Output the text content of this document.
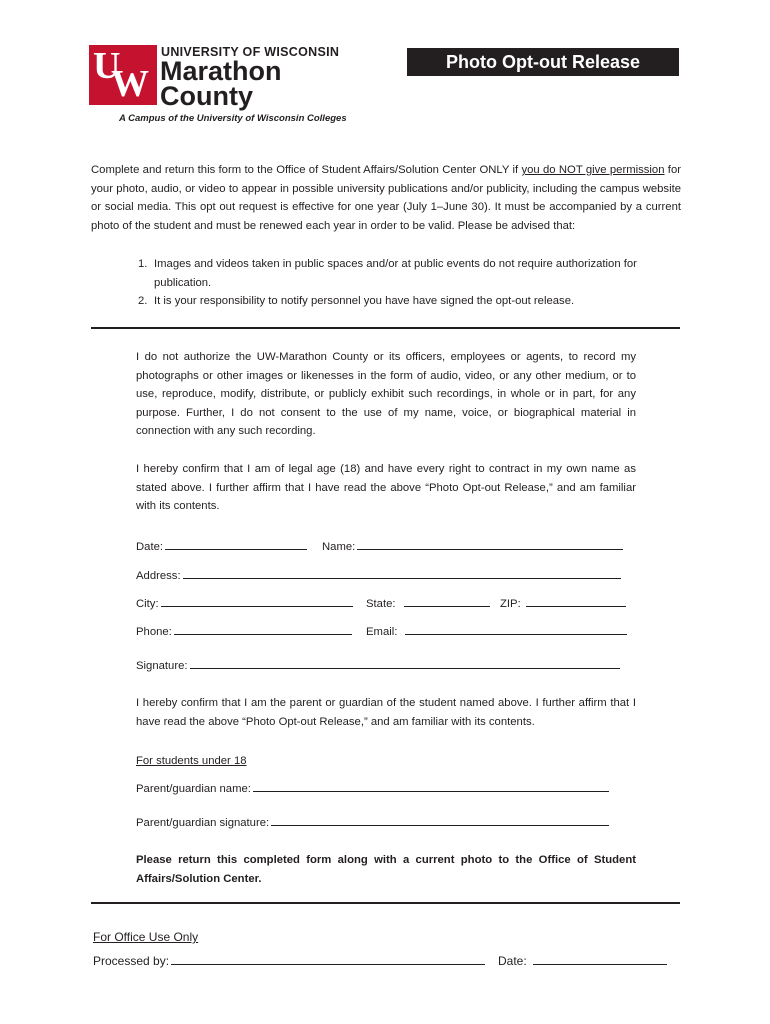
U
W
UNIVERSITY OF WISCONSIN
Marathon
County
A Campus of the University of Wisconsin Colleges
Photo Opt-out Release

Complete and return this form to the Office of Student Affairs/Solution Center ONLY if you do NOT give permission for your photo, audio, or video to appear in possible university publications and/or publicity, including the campus website or social media. This opt out request is effective for one year (July 1–June 30). It must be accompanied by a current photo of the student and must be renewed each year in order to be valid. Please be advised that:

1. Images and videos taken in public spaces and/or at public events do not require authorization for publication.
2. It is your responsibility to notify personnel you have have signed the opt-out release.

I do not authorize the UW-Marathon County or its officers, employees or agents, to record my photographs or other images or likenesses in the form of audio, video, or any other medium, or to use, reproduce, modify, distribute, or publicly exhibit such recordings, in whole or in part, for any purpose. Further, I do not consent to the use of my name, voice, or biographical material in connection with any such recording.

I hereby confirm that I am of legal age (18) and have every right to contract in my own name as stated above. I further affirm that I have read the above “Photo Opt-out Release,” and am familiar with its contents.

Date:	Name:
Address:
City:	State:	ZIP:
Phone:	Email:
Signature:

I hereby confirm that I am the parent or guardian of the student named above. I further affirm that I have read the above “Photo Opt-out Release,” and am familiar with its contents.

For students under 18
Parent/guardian name:
Parent/guardian signature:

Please return this completed form along with a current photo to the Office of Student Affairs/Solution Center.

For Office Use Only
Processed by:	Date:
